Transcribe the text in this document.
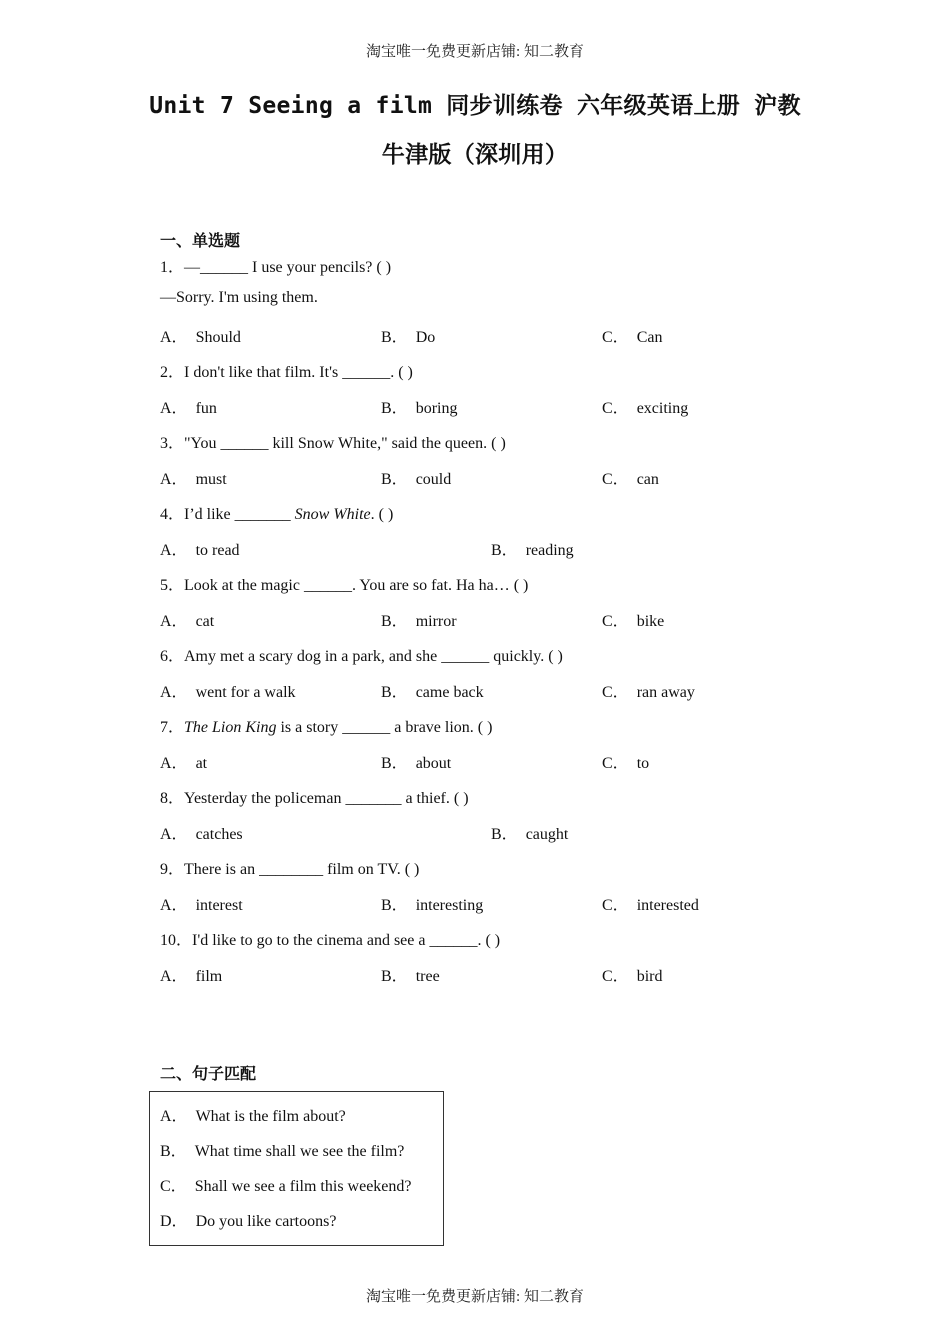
淘宝唯一免费更新店铺: 知二教育
Unit 7 Seeing a film 同步训练卷 六年级英语上册 沪教
牛津版（深圳用）
一、单选题
1．—______ I use your pencils? ( )
—Sorry. I'm using them.
A． Should	B． Do	C． Can
2．I don't like that film. It's ______. ( )
A． fun	B． boring	C． exciting
3．"You ______ kill Snow White," said the queen. ( )
A． must	B． could	C． can
4．I’d like _______ Snow White. ( )
A． to read	B． reading
5．Look at the magic ______. You are so fat. Ha ha… ( )
A． cat	B． mirror	C． bike
6．Amy met a scary dog in a park, and she ______ quickly. ( )
A． went for a walk	B． came back	C． ran away
7．The Lion King is a story ______ a brave lion. ( )
A． at	B． about	C． to
8．Yesterday the policeman _______ a thief. ( )
A． catches	B． caught
9．There is an ________ film on TV. ( )
A． interest	B． interesting	C． interested
10．I'd like to go to the cinema and see a ______. ( )
A． film	B． tree	C． bird
二、句子匹配
A． What is the film about?
B． What time shall we see the film?
C． Shall we see a film this weekend?
D． Do you like cartoons?
淘宝唯一免费更新店铺: 知二教育
